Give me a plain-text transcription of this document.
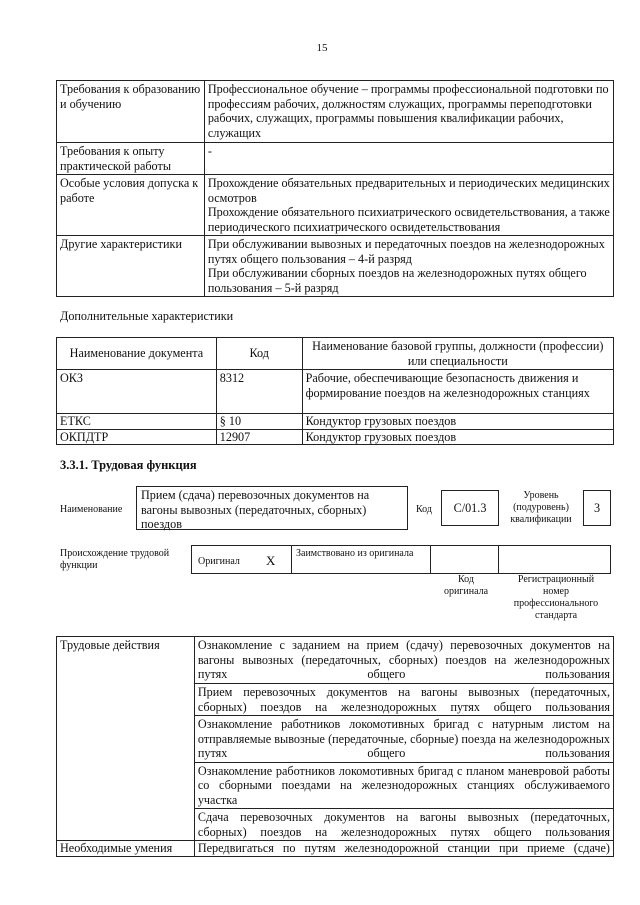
15
Требования к образованию и обучению	Профессиональное обучение – программы профессиональной подготовки по профессиям рабочих, должностям служащих, программы переподготовки рабочих, служащих, программы повышения квалификации рабочих, служащих
Требования к опыту практической работы	-
Особые условия допуска к работе	Прохождение обязательных предварительных и периодических медицинских осмотров
Прохождение обязательного психиатрического освидетельствования, а также периодического психиатрического освидетельствования

Другие характеристики	При обслуживании вывозных и передаточных поездов на железнодорожных путях общего пользования – 4-й разряд
При обслуживании сборных поездов на железнодорожных путях общего пользования – 5-й разряд
Дополнительные характеристики
Наименование документа	Код	Наименование базовой группы, должности (профессии) или специальности
ОКЗ	8312	Рабочие, обеспечивающие безопасность движения и формирование поездов на железнодорожных станциях
ЕТКС	§ 10	Кондуктор грузовых поездов
ОКПДТР	12907	Кондуктор грузовых поездов
3.3.1. Трудовая функция
Наименование
Прием (сдача) перевозочных документов на вагоны вывозных (передаточных, сборных) поездов
Код C/01.3
Уровень (подуровень) квалификации
3
Происхождение трудовой функции	Оригинал X Заимствовано из оригинала
Код оригинала
Регистрационный номер профессионального стандарта
Трудовые действия	Ознакомление с заданием на прием (сдачу) перевозочных документов на вагоны вывозных (передаточных, сборных) поездов на железнодорожных путях общего пользования
	Прием перевозочных документов на вагоны вывозных (передаточных, сборных) поездов на железнодорожных путях общего пользования
	Ознакомление работников локомотивных бригад с натурным листом на отправляемые вывозные (передаточные, сборные) поезда на железнодорожных путях общего пользования
	Ознакомление работников локомотивных бригад с планом маневровой работы со сборными поездами на железнодорожных станциях обслуживаемого участка
	Сдача перевозочных документов на вагоны вывозных (передаточных, сборных) поездов на железнодорожных путях общего пользования
Необходимые умения	Передвигаться по путям железнодорожной станции при приеме (сдаче)
